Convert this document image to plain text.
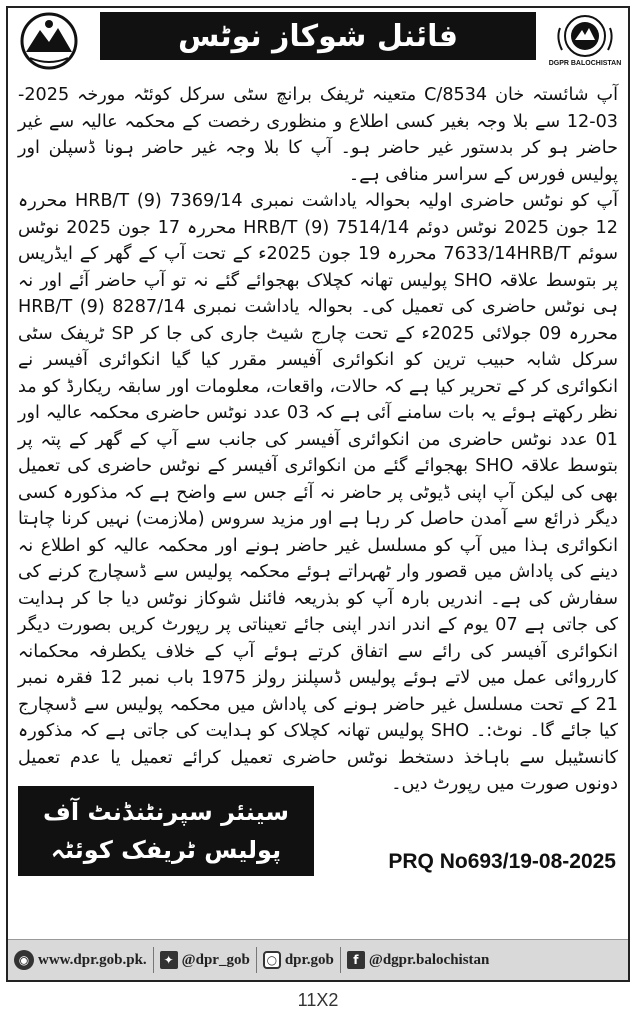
فائنل شوکاز نوٹس
DGPR BALOCHISTAN

آپ شائستہ خان C/8534 متعینہ ٹریفک برانچ سٹی سرکل کوئٹہ مورخہ 2025-03-12 سے بلا وجہ بغیر کسی اطلاع و منظوری رخصت کے محکمہ عالیہ سے غیر حاضر ہو کر بدستور غیر حاضر ہو۔ آپ کا بلا وجہ غیر حاضر ہونا ڈسپلن اور پولیس فورس کے سراسر منافی ہے۔

آپ کو نوٹس حاضری اولیہ بحوالہ یاداشت نمبری HRB/T (9) 7369/14 محررہ 12 جون 2025 نوٹس دوئم HRB/T (9) 7514/14 محررہ 17 جون 2025 نوٹس سوئم 7633/14HRB/T محررہ 19 جون 2025ء کے تحت آپ کے گھر کے ایڈریس پر بتوسط علاقہ SHO پولیس تھانہ کچلاک بھجوائے گئے نہ تو آپ حاضر آئے اور نہ ہی نوٹس حاضری کی تعمیل کی۔ بحوالہ یاداشت نمبری HRB/T (9) 8287/14 محررہ 09 جولائی 2025ء کے تحت چارج شیٹ جاری کی جا کر SP ٹریفک سٹی سرکل شابہ حبیب ترین کو انکوائری آفیسر مقرر کیا گیا انکوائری آفیسر نے انکوائری کر کے تحریر کیا ہے کہ حالات، واقعات، معلومات اور سابقہ ریکارڈ کو مد نظر رکھتے ہوئے یہ بات سامنے آئی ہے کہ 03 عدد نوٹس حاضری محکمہ عالیہ اور 01 عدد نوٹس حاضری من انکوائری آفیسر کی جانب سے آپ کے گھر کے پتہ پر بتوسط علاقہ SHO بھجوائے گئے من انکوائری آفیسر کے نوٹس حاضری کی تعمیل بھی کی لیکن آپ اپنی ڈیوٹی پر حاضر نہ آئے جس سے واضح ہے کہ مذکورہ کسی دیگر ذرائع سے آمدن حاصل کر رہا ہے اور مزید سروس (ملازمت) نہیں کرنا چاہتا انکوائری ہذا میں آپ کو مسلسل غیر حاضر ہونے اور محکمہ عالیہ کو اطلاع نہ دینے کی پاداش میں قصور وار ٹھہراتے ہوئے محکمہ پولیس سے ڈسچارج کرنے کی سفارش کی ہے۔ اندریں بارہ آپ کو بذریعہ فائنل شوکاز نوٹس دیا جا کر ہدایت کی جاتی ہے 07 یوم کے اندر اندر اپنی جائے تعیناتی پر رپورٹ کریں بصورت دیگر انکوائری آفیسر کی رائے سے اتفاق کرتے ہوئے آپ کے خلاف یکطرفہ محکمانہ کارروائی عمل میں لاتے ہوئے پولیس ڈسپلنز رولز 1975 باب نمبر 12 فقرہ نمبر 21 کے تحت مسلسل غیر حاضر ہونے کی پاداش میں محکمہ پولیس سے ڈسچارج کیا جائے گا۔ نوٹ:۔ SHO پولیس تھانہ کچلاک کو ہدایت کی جاتی ہے کہ مذکورہ کانسٹیبل سے باہاخذ دستخط نوٹس حاضری تعمیل کرائے تعمیل یا عدم تعمیل دونوں صورت میں رپورٹ دیں۔

سینئر سپرنٹنڈنٹ آف
پولیس ٹریفک کوئٹہ	PRQ No693/19-08-2025
◉ www.dpr.gob.pk.	✦ @dpr_gob	○ dpr.gob	f @dgpr.balochistan
11X2
